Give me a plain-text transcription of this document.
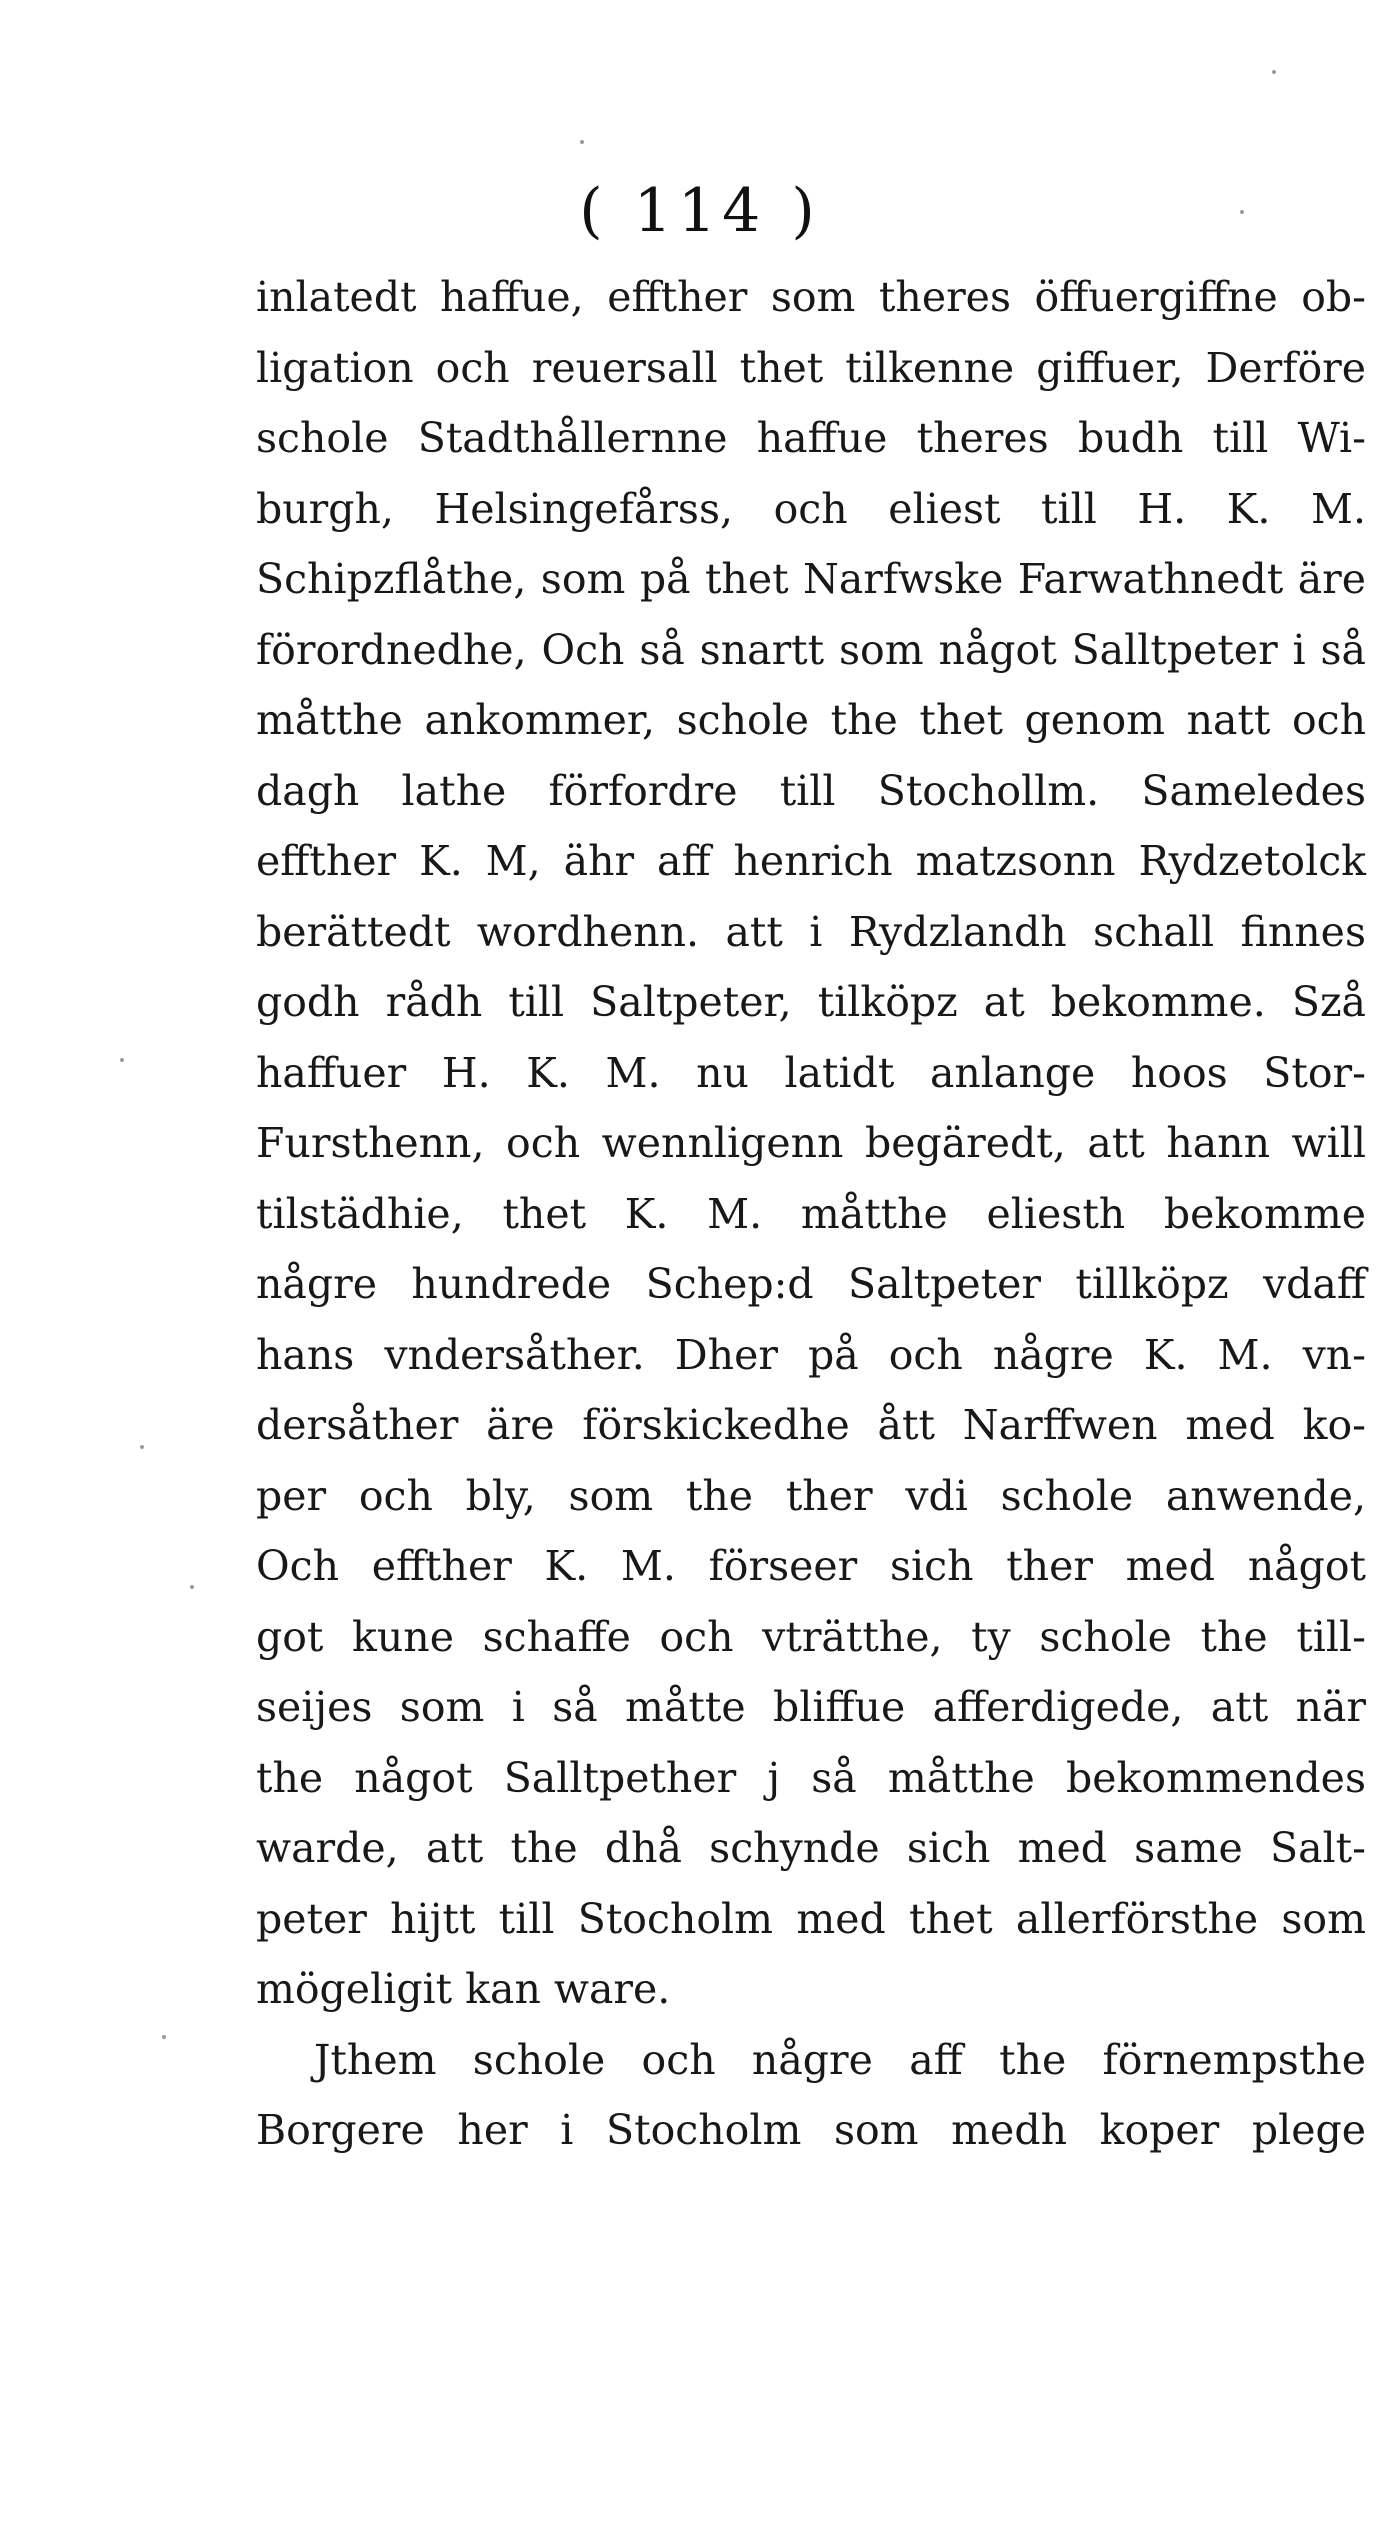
( 114 )
inlatedt haffue, effther som theres öffuergiffne ob-
ligation och reuersall thet tilkenne giffuer, Derföre
schole Stadthållernne haffue theres budh till Wi-
burgh, Helsingefårss, och eliest till H. K. M.
Schipzflåthe, som på thet Narfwske Farwathnedt äre
förordnedhe, Och så snartt som något Salltpeter i så
måtthe ankommer, schole the thet genom natt och
dagh lathe förfordre till Stochollm. Sameledes
effther K. M, ähr aff henrich matzsonn Rydzetolck
berättedt wordhenn. att i Rydzlandh schall finnes
godh rådh till Saltpeter, tilköpz at bekomme. Szå
haffuer H. K. M. nu latidt anlange hoos Stor-
Fursthenn, och wennligenn begäredt, att hann will
tilstädhie, thet K. M. måtthe eliesth bekomme
någre hundrede Schep:d Saltpeter tillköpz vdaff
hans vndersåther. Dher på och någre K. M. vn-
dersåther äre förskickedhe ått Narffwen med ko-
per och bly, som the ther vdi schole anwende,
Och effther K. M. förseer sich ther med något
got kune schaffe och vträtthe, ty schole the till-
seijes som i så måtte bliffue afferdigede, att när
the något Salltpether j så måtthe bekommendes
warde, att the dhå schynde sich med same Salt-
peter hijtt till Stocholm med thet allerförsthe som
mögeligit kan ware.
Jthem schole och någre aff the förnempsthe
Borgere her i Stocholm som medh koper plege
